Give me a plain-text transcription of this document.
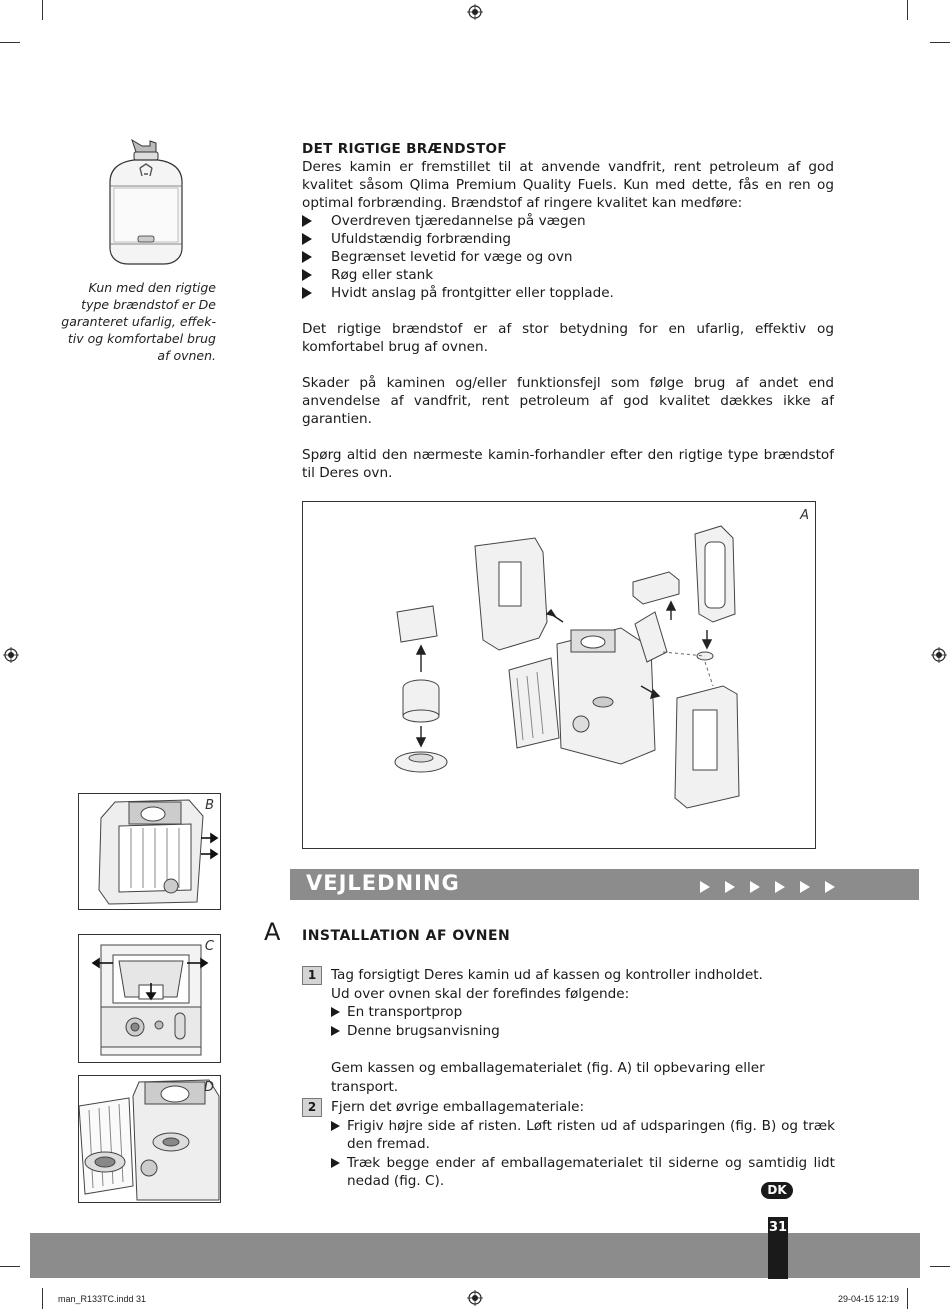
Kun med den rigtige type brændstof er De garanteret ufarlig, effek-tiv og komfortabel brug af ovnen.
DET RIGTIGE BRÆNDSTOF
Deres kamin er fremstillet til at anvende vandfrit, rent petroleum af god kvalitet såsom Qlima Premium Quality Fuels. Kun med dette, fås en ren og optimal forbrænding. Brændstof af ringere kvalitet kan medføre:
Overdreven tjæredannelse på vægen
Ufuldstændig forbrænding
Begrænset levetid for væge og ovn
Røg eller stank
Hvidt anslag på frontgitter eller topplade.
Det rigtige brændstof er af stor betydning for en ufarlig, effektiv og komfortabel brug af ovnen.
Skader på kaminen og/eller funktionsfejl som følge brug af andet end anvendelse af vandfrit, rent petroleum af god kvalitet dækkes ikke af garantien.
Spørg altid den nærmeste kamin-forhandler efter den rigtige type brændstof til Deres ovn.
A
B
C
D
VEJLEDNING
A INSTALLATION AF OVNEN
1	Tag forsigtigt Deres kamin ud af kassen og kontroller indholdet.
Ud over ovnen skal der forefindes følgende:
En transportprop
Denne brugsanvisning
Gem kassen og emballagematerialet (fig. A) til opbevaring eller transport.
2	Fjern det øvrige emballagemateriale:
Frigiv højre side af risten. Løft risten ud af udsparingen (fig. B) og træk den fremad.
Træk begge ender af emballagematerialet til siderne og samtidig lidt nedad (fig. C).
DK
31
man_R133TC.indd 31	29-04-15 12:19
